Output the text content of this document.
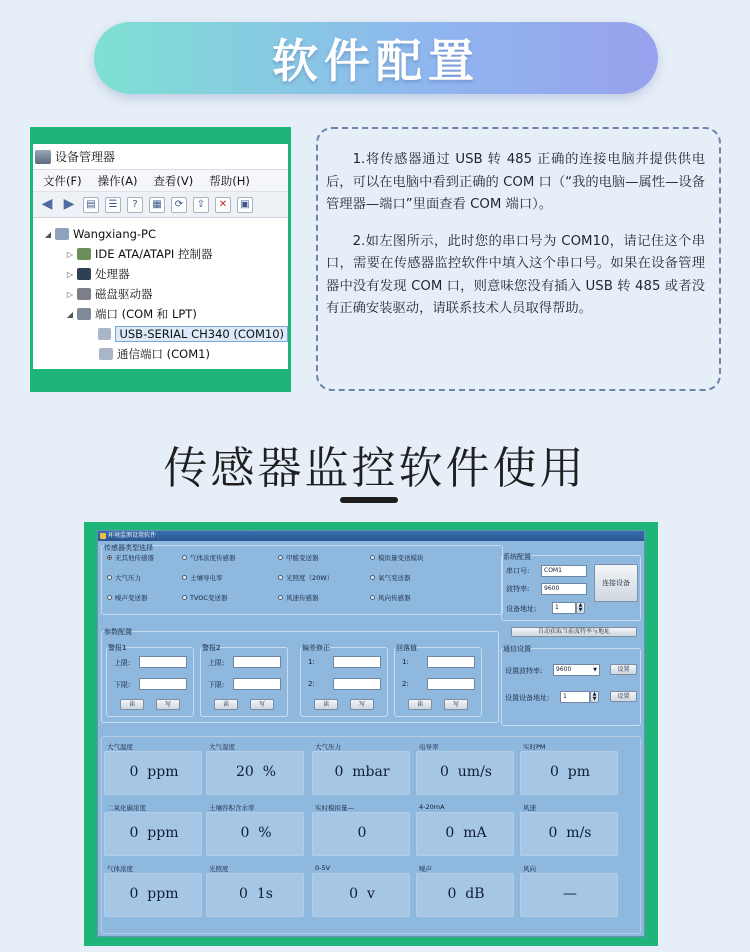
软件配置
设备管理器
文件(F) 操作(A) 查看(V) 帮助(H)
◀ ▶	▤	☰	?	▦	⟳	⇪	✕	▣
◢ Wangxiang-PC
▷ IDE ATA/ATAPI 控制器
▷ 处理器
▷ 磁盘驱动器
◢ 端口 (COM 和 LPT)
USB-SERIAL CH340 (COM10)
通信端口 (COM1)

1.将传感器通过 USB 转 485 正确的连接电脑并提供供电后，可以在电脑中看到正确的 COM 口（“我的电脑—属性—设备管理器—端口”里面查看 COM 端口）。

2.如左图所示，此时您的串口号为 COM10，请记住这个串口，需要在传感器监控软件中填入这个串口号。如果在设备管理器中没有发现 COM 口，则意味您没有插入 USB 转 485 或者没有正确安装驱动，请联系技术人员取得帮助。

传感器监控软件使用
环境监测设置软件
传感器类型选择
无其他传感器	气体浓度传感器	甲醛变送器	模拟量变送模块
大气压力	土壤导电率	光照度（20W）	氧气变送器
噪声变送器	TVOC变送器	风速传感器	风向传感器
系统配置
串口号:	COM1
波特率:	9600
设备地址:	1	▲
▼
连接设备
自动获取当前波特率与地址
参数配置
警报1
上限:
下限:
读	写
警报2
上限:
下限:
读	写
偏差修正
1:
2:
读	写
回落值
1:
2:
读	写
通信设置
设置波特率:	9600	▼	设置
设置设备地址:	1	▲
▼	设置
大气温度
0  ppm
大气湿度
20  %
大气压力
0  mbar
电导率
0  um/s
实时PM
0  pm
二氧化碳浓度
0  ppm
土壤容积含水率
0  %
实时模拟量—
0
4-20mA
0  mA
风速
0  m/s
气体浓度
0  ppm
光照度
0  1s
0-5V
0  v
噪声
0  dB
风向
—
